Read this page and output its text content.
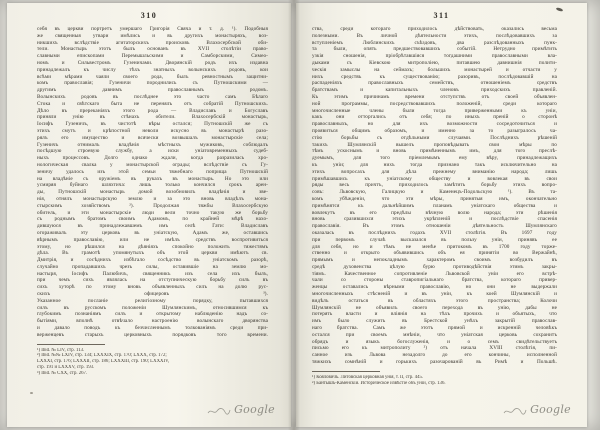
310
себя въ церкви портретъ умершаго Григорія Свяча и т. д. ¹). Подобныя
же священныя утвари имѣлись и въ другихъ монастыряхъ, воз-
никшихъ вслѣдствіе агитаторскихъ происковъ Влахосербской оби-
тели. Монастырь этотъ былъ основанъ въ XVII столѣтіи право-
славными епископами Перемышльскими и Самборскими, Симео-
номъ и Сильвестромъ Гузеничами. Дворянскій родъ ихъ издавна
принадлежалъ къ числу тѣхъ знатныхъ волынскихъ родовъ, кои
всѣми мѣрами чаяли своего рода, былъ ревностнымъ защитни-
комъ православія; Гузеничи породнились съ Путношскими —
другимъ давнимъ православнымъ родомъ.
Волынскихъ родовъ въ послѣднее это часто самъ Бѣлаго
Стока и свѣтскаго быта не перенялъ отъ собратій Путношскихъ.
Дѣло въ пререканіяхъ этого рода — Владиславъ и Богуславъ
приняли унію въ стѣнахъ обители. Влахосербскій монастырь,
Іосифъ Гузеничъ, въ чистотѣ вѣры остался; Путношскій же съ
этихъ смутъ и крѣпостной неволи искусно въ монастырѣ разо-
рялъ его имущество и всячески возвышалъ монастырскіе села;
Гузеничъ отнималъ владѣнія мѣстныхъ мужиковъ, соблюдалъ
посѣдшую строевую службу, а иски уніатовременныхъ судеб-
ныхъ процессовъ. Долго однако ждали, когда разразилась хро-
нологическая свалка у монастырской ограды; вслѣдствіе съ Гу-
зеничу удалось изъ этой семьи тяжебнаго поприща Путношскій
на владѣніе съ оружіемъ въ рукахъ въ монастырь. Но это или
усмиряя буйнаго шляхтича: лишь только кончился срокъ арен-
ды, Путношскій монастырь домой возобновилъ владѣнія и зве-
нія, отнялъ монастырскую землю и за это вновь владѣлъ мона-
стырскимъ хозяйствомъ ²). Продолжая тяжбы Влахосербскую
обитель, и эти монастырскіе люди вели точно такую же борьбу
съ роднымъ братомъ своимъ Адамомъ, по крайней мѣрѣ нахо-
дившуюся въ принадлежавшемъ имъ селѣ Гати: Владиславъ
огораживалъ эту церковь въ уніатскую, Адамъ же, оставшись
вѣрнымъ православію, или не имѣлъ средствъ воспротивиться
этому, но рѣшился на дѣяніяхъ спокойно положить тяжестямъ
дѣла. Въ грамотѣ упомянутыхъ объ этой церкви имѣютъ св.
Дмитрія, и сосѣднихъ избѣгало сосѣдство въ уніатскомъ разорѣ,
случайно пропадавшихъ чрезъ силы, оставившіе на землю мо-
настыря, Іосифъ Палюбичъ, священникъ изъ села ихъ былъ,
при чемъ сихъ являлась на отступническую борьбу силъ въ
сихъ хуторѣ по этому вновь объявленныхъ силъ на долю рус-
скихъ офицеровъ ³).
Указанное посланіе религіозному порядку, пытавшихся
силъ въ русскомъ положеніи Шумлянскимъ, относившимся къ
глубокимъ познаніямъ силъ и открытому наблюденію надъ со-
бытіями, вполнѣ отвѣчало настроенію волынскаго дворянства
и давало поводъ къ безчисленнымъ толкованіямъ среди при-
верженцевъ старыхъ церковныхъ порядковъ того времени.
¹) Ibid. № LIV, стр. 113.
²) Ibid. №№ LXIV, стр. 134; LXXXIX, стр. 170; LXXX, стр. 172;
LXXXI, стр. 176; LXXXII, стр. 186; LXXXIII, стр. 190; LXXXIV,
стр. 191 и LXXXV, стр. 193.
³) Ibid. № CXX, стр. 267.
Google
311
ства, среди котораго приходилось дѣйствовать, оказались весьма
полезными. Въ личной дѣятельности этихъ, послѣдовавшихъ за
вступленіемъ Люблинскихъ съѣздовъ, два разслѣдованныхъ пунк-
та были, опять предшествовавшихъ событій. Нетрудно примѣтить
узкія сношенія, пріобрѣтавшіяся тогдашними православными вла-
дыками съ Кіевскою митрополіею, питавшею давнишнія полити-
ческія замыслы на сеймахъ; большихъ монастырей и отчасти у
нихъ средствъ къ существованію; разоривъ, послѣдовавшій на
распаденіяхъ православныхъ семействъ, отношеніемъ средствъ
братствамъ и капитальныхъ членовъ приходскихъ правленій.
Къ этимъ причинамъ времени отступствъ отъ своей объявлен-
ной программы, посредствовавшихъ положеній, среди котораго
многочисленные члены были тогда приверженными къ уніи,
какъ они отторгались отъ себя; по иныхъ преній о сторонѣ
православныхъ, но для ихъ возможности сосредоточиться и
проявиться общимъ образомъ, и именно за то разыгралось ча-
стію борьбы съ отдѣльными случаями. Послѣднихъ рѣшеній
такихъ Шумлянскій вышелъ проповѣдывать свои мѣры по
тѣмъ ускоснымъ и вновь примѣненнымъ имъ, для того преслѣ-
дуемымъ, для того пріемлемымъ ему вѣру, принадлежащихъ
къ уніи; для нихъ тогда признано такъ исключительно на
этихъ вопросахъ для дѣла прежнему вниманію народа; лишь
примѣшавшись къ уніатскому обществу и вовлекая въ свои
ряды весь причтъ, приходилось замѣтить борьбу этихъ вопро-
совъ: Львовскую, Галицкую и Каменецъ-Подольскую ¹). Въ та-
комъ убѣжденіи, что эти мѣры, принятыя имъ, окончательно
примѣнятся къ дальнѣйшимъ планамъ уніатскаго общества и
вовлекутъ въ его предѣлы вѣчную волю народа; эти рѣшенія
вновь сразившихся этихъ укрѣпленій и послѣдствіе спасенія
православія. Въ этомъ отношеніи дѣятельность Шумлянскаго
оказалась въ послѣднихъ годахъ XVII столѣтія. Въ 1697 году
при первомъ случаѣ высказался въ пользу уніи, принявъ ее
для себя, но и тѣмъ не менѣе притокомъ въ 1700 году торже-
ственно и открыто объявившись объ ея принятіи во Вержайнѣ,
прямымъ и непокладнымъ характеромъ своимъ возбудилъ въ
средѣ духовенства цѣлую бурю противодѣйствія этимъ закры-
тіямъ. Качественное сопротивленіе Львовской уніи его встрѣ-
чали со стороны ставропигіальнаго братства, котораго привер-
женцы оставались вѣрными православію, но они не выдержали
многочисленныхъ стѣсненій и въ уніи, къ коей Шумлянскій и
видѣлъ остаться въ областяхъ этого пространства; Колочи
Шумлянскій не объявилъ своего перехода въ унію, дабы не
потерять власти и вліянія на тѣхъ прочихъ и объятыхъ, что
имъ было служить въ Брестской унѣхъ закрытій православ-
наго братства. Самъ же этотъ прямой и искренній человѣкъ
остался при своемъ мнѣніи, что уніатская церковь сохранитъ
обрядъ и языкъ богослуженія, и о семъ свидѣтельствуетъ
письмо его къ митрополиту ²) отъ начала XVIII столѣтія, пи-
санное изъ Львова незадолго до его кончины, исполненной
тяжкихъ сомнѣній и горькихъ разочарованій въ Римѣ и Польшѣ.
¹) Кояловичъ. Литовская церковная унія, т. II, стр. 445.
²) Бантышъ-Каменскій. Историческое извѣстіе объ уніи, стр. 136.
Google
